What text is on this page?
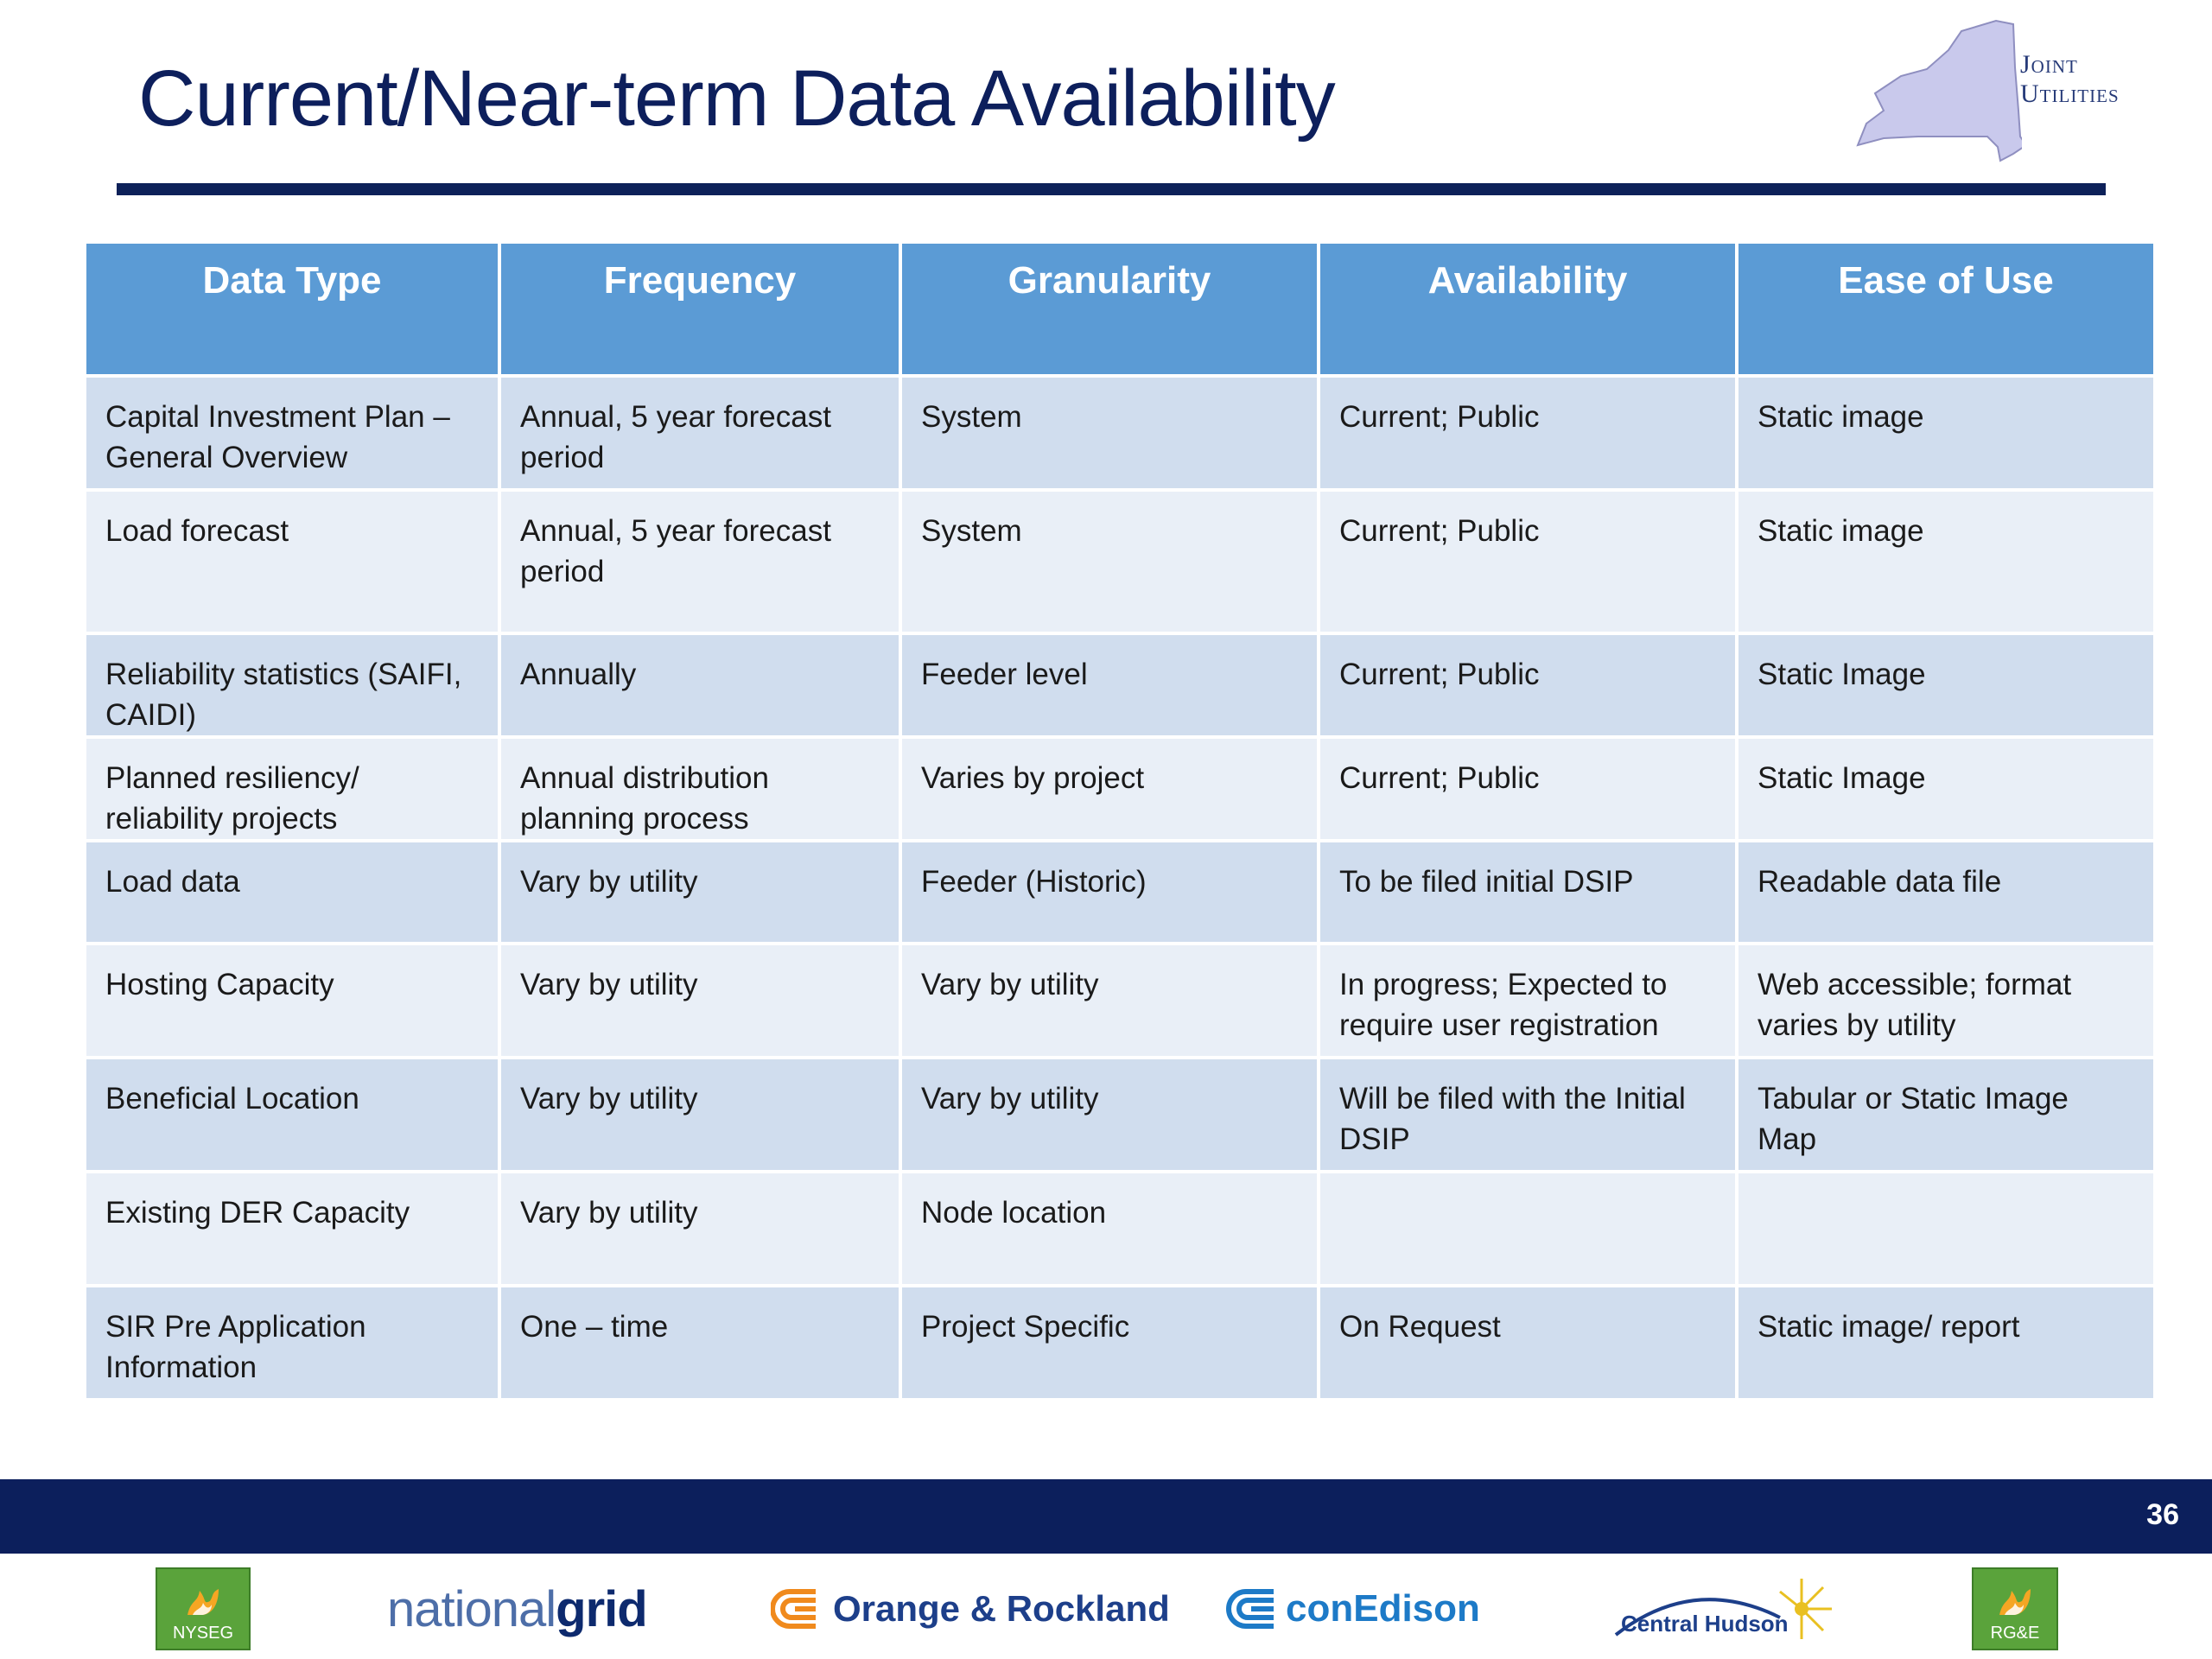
Current/Near-term Data Availability	Joint
Utilities
Data Type	Frequency	Granularity	Availability	Ease of Use
Capital Investment Plan – General Overview	Annual, 5 year forecast period	System	Current; Public	Static image
Load forecast	Annual, 5 year forecast period	System	Current; Public	Static image
Reliability statistics (SAIFI, CAIDI)	Annually	Feeder level	Current; Public	Static Image
Planned resiliency/ reliability projects	Annual distribution planning process	Varies by project	Current; Public	Static Image
Load data	Vary by utility	Feeder (Historic)	To be filed initial DSIP	Readable data file
Hosting Capacity	Vary by utility	Vary by utility	In progress; Expected to require user registration	Web accessible; format varies by utility
Beneficial Location	Vary by utility	Vary by utility	Will be filed with the Initial DSIP	Tabular or Static Image Map
Existing DER Capacity	Vary by utility	Node location		
SIR Pre Application Information	One – time	Project Specific	On Request	Static image/ report
36
NYSEG	nationalgrid	Orange & Rockland	conEdison	Central Hudson	RG&E
